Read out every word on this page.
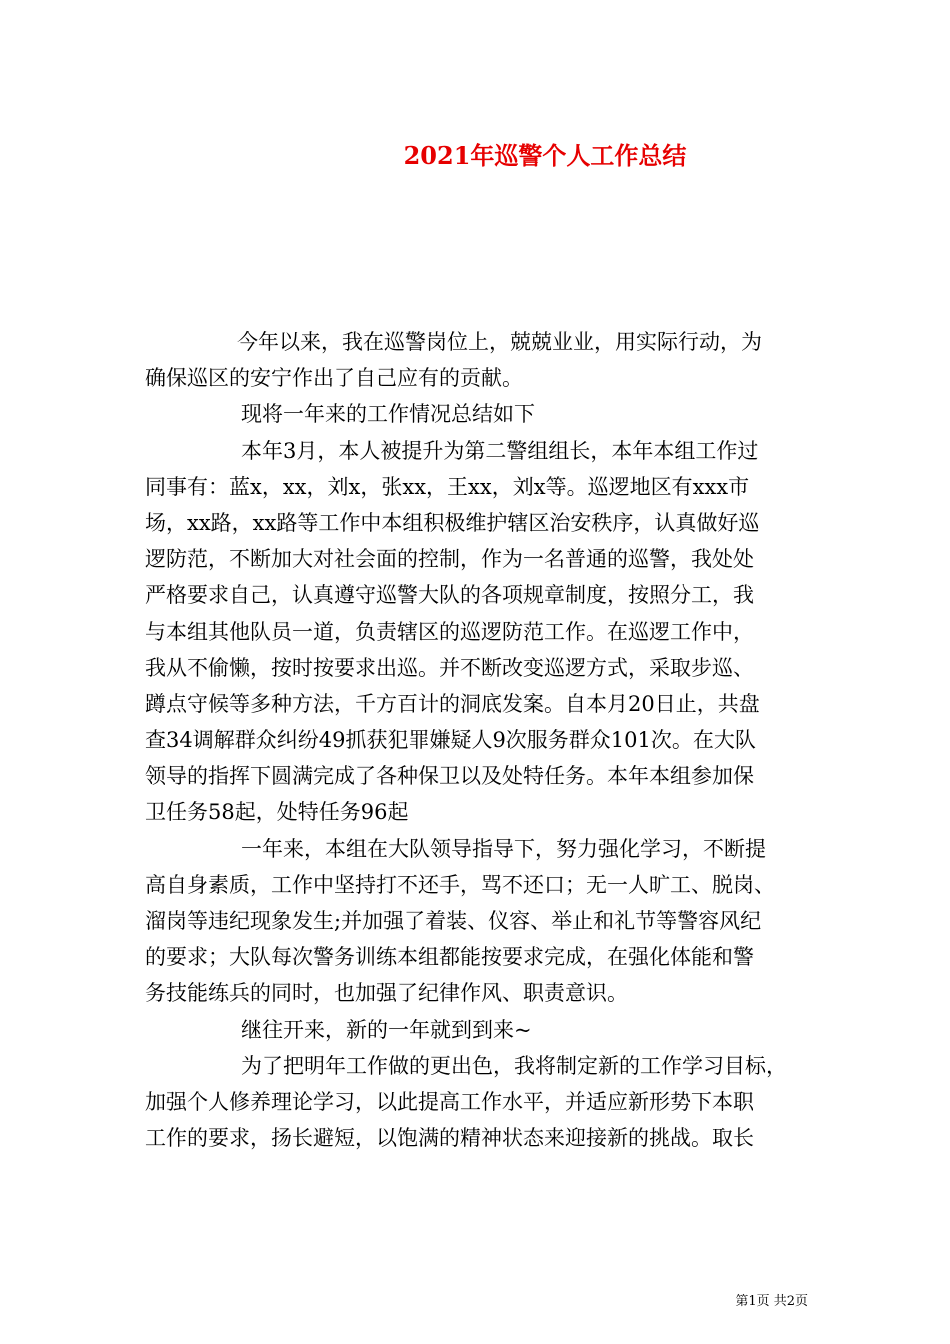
2021年巡警个人工作总结
今年以来，我在巡警岗位上，兢兢业业，用实际行动，为
确保巡区的安宁作出了自己应有的贡献。
现将一年来的工作情况总结如下
本年3月，本人被提升为第二警组组长，本年本组工作过
同事有：蓝x，xx，刘x，张xx，王xx，刘x等。巡逻地区有xxx市
场，xx路，xx路等工作中本组积极维护辖区治安秩序，认真做好巡
逻防范，不断加大对社会面的控制，作为一名普通的巡警，我处处
严格要求自己，认真遵守巡警大队的各项规章制度，按照分工，我
与本组其他队员一道，负责辖区的巡逻防范工作。在巡逻工作中，
我从不偷懒，按时按要求出巡。并不断改变巡逻方式，采取步巡、
蹲点守候等多种方法，千方百计的洞底发案。自本月20日止，共盘
查34调解群众纠纷49抓获犯罪嫌疑人9次服务群众101次。在大队
领导的指挥下圆满完成了各种保卫以及处特任务。本年本组参加保
卫任务58起，处特任务96起
一年来，本组在大队领导指导下，努力强化学习，不断提
高自身素质，工作中坚持打不还手，骂不还口；无一人旷工、脱岗、
溜岗等违纪现象发生;并加强了着装、仪容、举止和礼节等警容风纪
的要求；大队每次警务训练本组都能按要求完成，在强化体能和警
务技能练兵的同时，也加强了纪律作风、职责意识。
继往开来，新的一年就到到来~
为了把明年工作做的更出色，我将制定新的工作学习目标，
加强个人修养理论学习，以此提高工作水平，并适应新形势下本职
工作的要求，扬长避短，以饱满的精神状态来迎接新的挑战。取长
第1页 共2页
